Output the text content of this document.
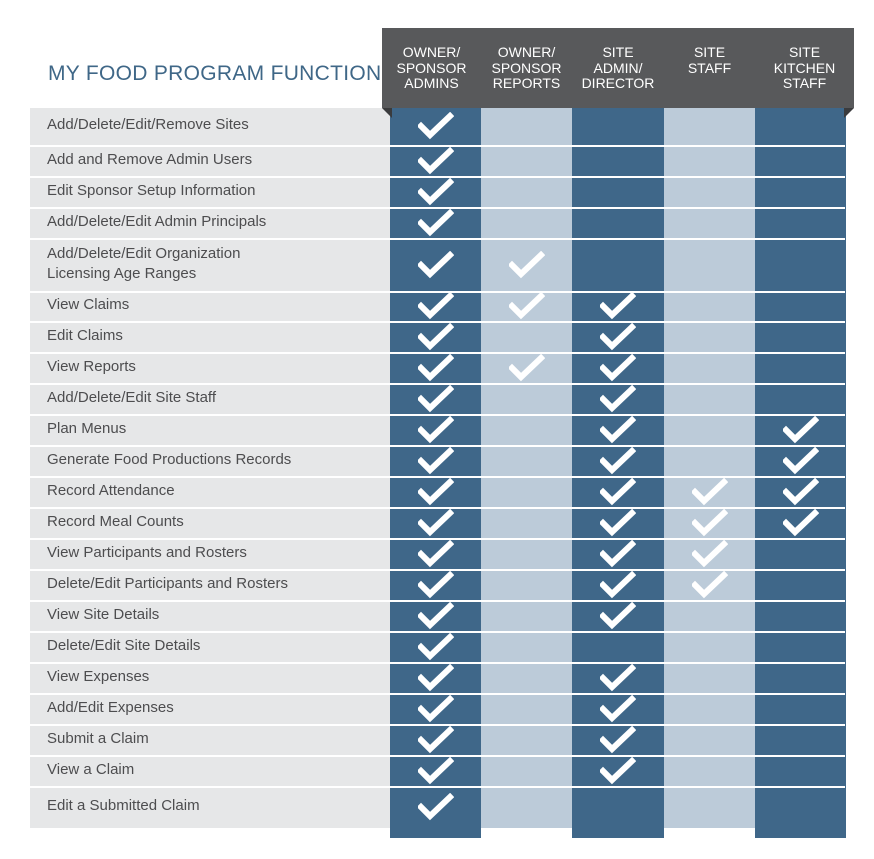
MY FOOD PROGRAM FUNCTION
OWNER/
SPONSOR
ADMINS
OWNER/
SPONSOR
REPORTS
SITE
ADMIN/
DIRECTOR
SITE
STAFF
SITE
KITCHEN
STAFF
Add/Delete/Edit/Remove Sites
Add and Remove Admin Users
Edit Sponsor Setup Information
Add/Delete/Edit Admin Principals
Add/Delete/Edit Organization
Licensing Age Ranges
View Claims
Edit Claims
View Reports
Add/Delete/Edit Site Staff
Plan Menus
Generate Food Productions Records
Record Attendance
Record Meal Counts
View Participants and Rosters
Delete/Edit Participants and Rosters
View Site Details
Delete/Edit Site Details
View Expenses
Add/Edit Expenses
Submit a Claim
View a Claim
Edit a Submitted Claim
